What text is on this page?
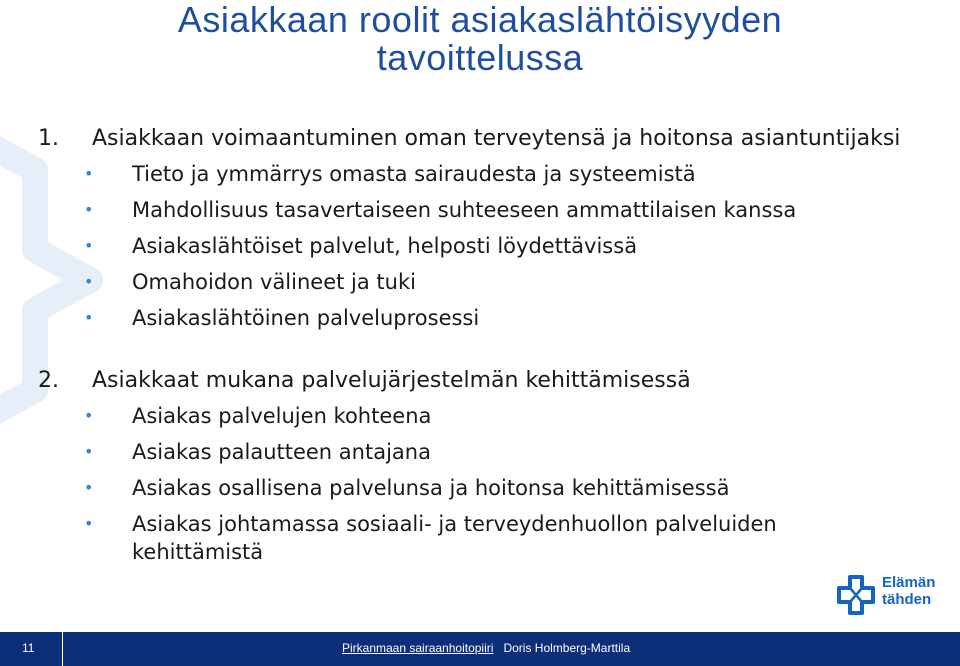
Asiakkaan roolit asiakaslähtöisyyden
tavoittelussa
1. Asiakkaan voimaantuminen oman terveytensä ja hoitonsa asiantuntijaksi
• Tieto ja ymmärrys omasta sairaudesta ja systeemistä
• Mahdollisuus tasavertaiseen suhteeseen ammattilaisen kanssa
• Asiakaslähtöiset palvelut, helposti löydettävissä
• Omahoidon välineet ja tuki
• Asiakaslähtöinen palveluprosessi
2. Asiakkaat mukana palvelujärjestelmän kehittämisessä
• Asiakas palvelujen kohteena
• Asiakas palautteen antajana
• Asiakas osallisena palvelunsa ja hoitonsa kehittämisessä
• Asiakas johtamassa sosiaali- ja terveydenhuollon palveluiden kehittämistä
Elämän
tähden
11	Pirkanmaan sairaanhoitopiiri Doris Holmberg-Marttila
